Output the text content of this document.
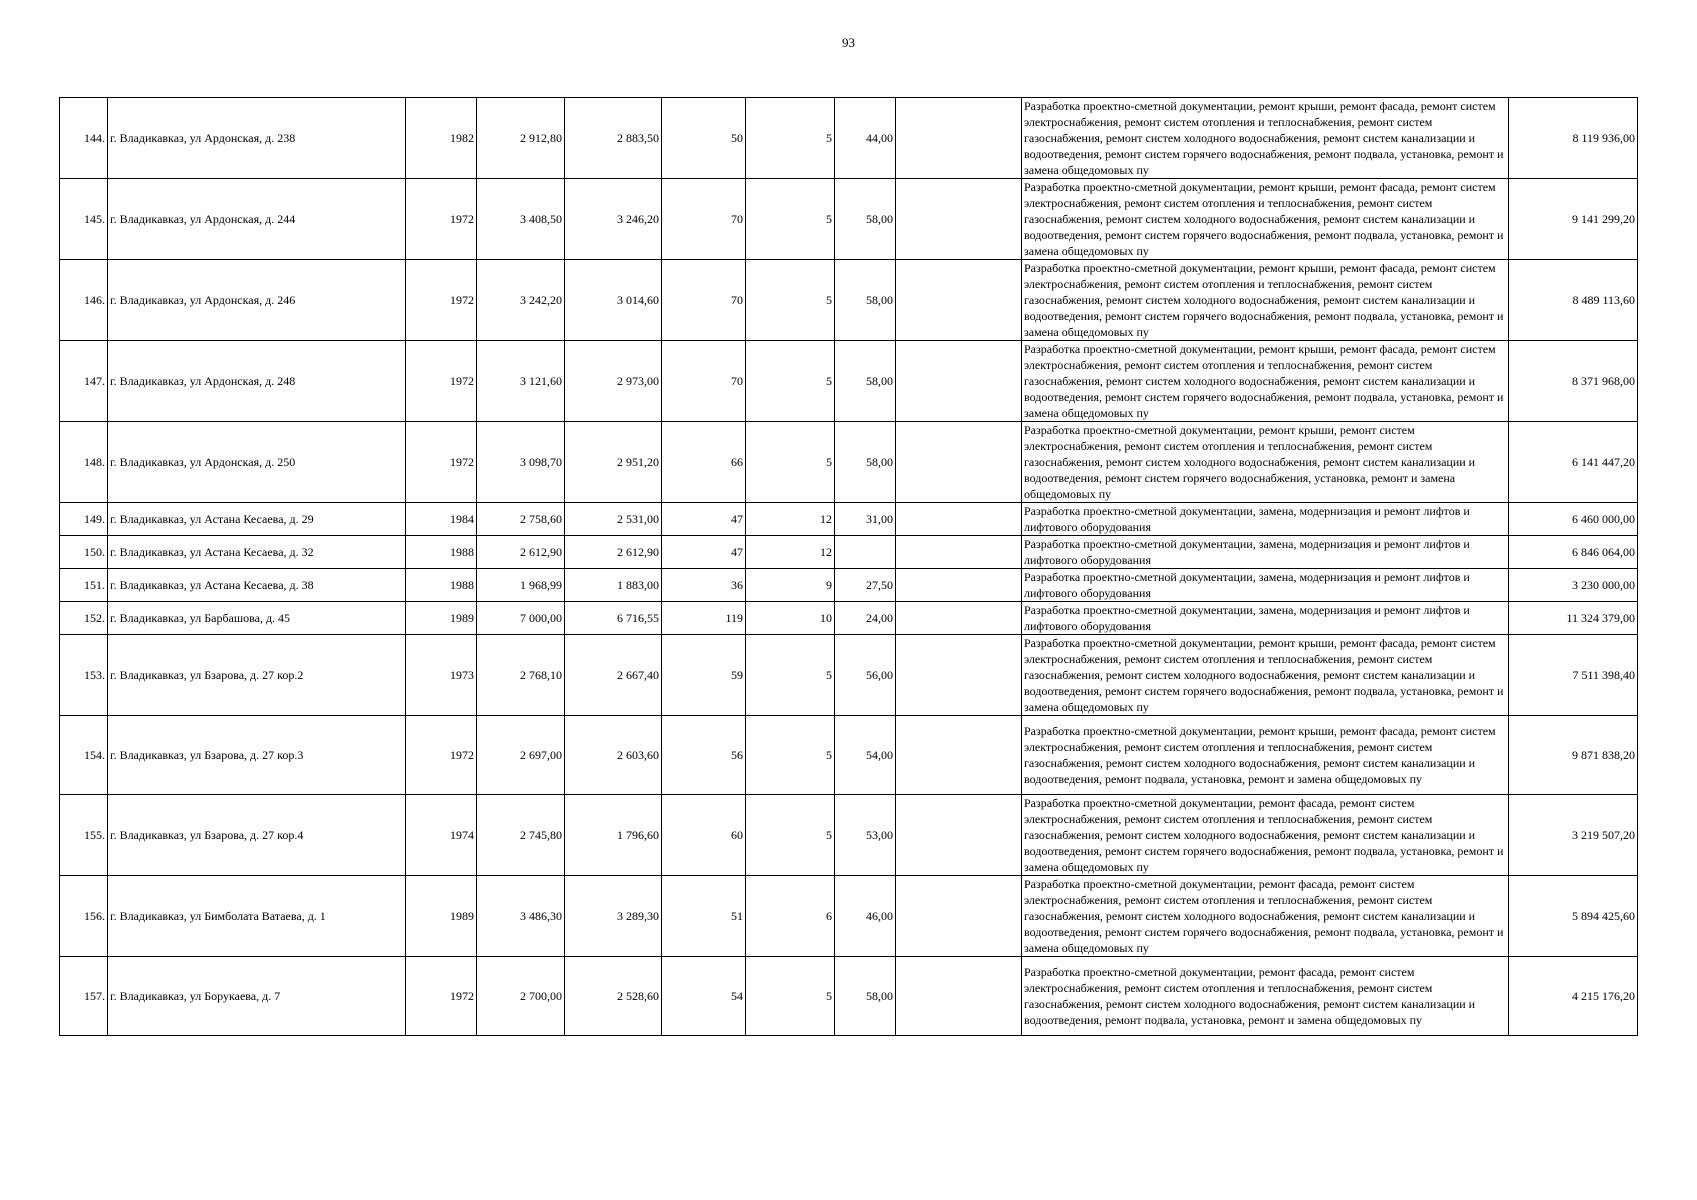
93
144.	г. Владикавказ, ул Ардонская, д. 238	1982	2 912,80	2 883,50	50	5	44,00		Разработка проектно-сметной документации, ремонт крыши, ремонт фасада, ремонт систем электроснабжения, ремонт систем отопления и теплоснабжения, ремонт систем газоснабжения, ремонт систем холодного водоснабжения, ремонт систем канализации и водоотведения, ремонт систем горячего водоснабжения, ремонт подвала, установка, ремонт и замена общедомовых пу	8 119 936,00
145.	г. Владикавказ, ул Ардонская, д. 244	1972	3 408,50	3 246,20	70	5	58,00		Разработка проектно-сметной документации, ремонт крыши, ремонт фасада, ремонт систем электроснабжения, ремонт систем отопления и теплоснабжения, ремонт систем газоснабжения, ремонт систем холодного водоснабжения, ремонт систем канализации и водоотведения, ремонт систем горячего водоснабжения, ремонт подвала, установка, ремонт и замена общедомовых пу	9 141 299,20
146.	г. Владикавказ, ул Ардонская, д. 246	1972	3 242,20	3 014,60	70	5	58,00		Разработка проектно-сметной документации, ремонт крыши, ремонт фасада, ремонт систем электроснабжения, ремонт систем отопления и теплоснабжения, ремонт систем газоснабжения, ремонт систем холодного водоснабжения, ремонт систем канализации и водоотведения, ремонт систем горячего водоснабжения, ремонт подвала, установка, ремонт и замена общедомовых пу	8 489 113,60
147.	г. Владикавказ, ул Ардонская, д. 248	1972	3 121,60	2 973,00	70	5	58,00		Разработка проектно-сметной документации, ремонт крыши, ремонт фасада, ремонт систем электроснабжения, ремонт систем отопления и теплоснабжения, ремонт систем газоснабжения, ремонт систем холодного водоснабжения, ремонт систем канализации и водоотведения, ремонт систем горячего водоснабжения, ремонт подвала, установка, ремонт и замена общедомовых пу	8 371 968,00
148.	г. Владикавказ, ул Ардонская, д. 250	1972	3 098,70	2 951,20	66	5	58,00		Разработка проектно-сметной документации, ремонт крыши, ремонт систем электроснабжения, ремонт систем отопления и теплоснабжения, ремонт систем газоснабжения, ремонт систем холодного водоснабжения, ремонт систем канализации и водоотведения, ремонт систем горячего водоснабжения, установка, ремонт и замена общедомовых пу	6 141 447,20
149.	г. Владикавказ, ул Астана Кесаева, д. 29	1984	2 758,60	2 531,00	47	12	31,00		Разработка проектно-сметной документации, замена, модернизация и ремонт лифтов и лифтового оборудования	6 460 000,00
150.	г. Владикавказ, ул Астана Кесаева, д. 32	1988	2 612,90	2 612,90	47	12			Разработка проектно-сметной документации, замена, модернизация и ремонт лифтов и лифтового оборудования	6 846 064,00
151.	г. Владикавказ, ул Астана Кесаева, д. 38	1988	1 968,99	1 883,00	36	9	27,50		Разработка проектно-сметной документации, замена, модернизация и ремонт лифтов и лифтового оборудования	3 230 000,00
152.	г. Владикавказ, ул Барбашова, д. 45	1989	7 000,00	6 716,55	119	10	24,00		Разработка проектно-сметной документации, замена, модернизация и ремонт лифтов и лифтового оборудования	11 324 379,00
153.	г. Владикавказ, ул Бзарова, д. 27 кор.2	1973	2 768,10	2 667,40	59	5	56,00		Разработка проектно-сметной документации, ремонт крыши, ремонт фасада, ремонт систем электроснабжения, ремонт систем отопления и теплоснабжения, ремонт систем газоснабжения, ремонт систем холодного водоснабжения, ремонт систем канализации и водоотведения, ремонт систем горячего водоснабжения, ремонт подвала, установка, ремонт и замена общедомовых пу	7 511 398,40
154.	г. Владикавказ, ул Бзарова, д. 27 кор.3	1972	2 697,00	2 603,60	56	5	54,00		Разработка проектно-сметной документации, ремонт крыши, ремонт фасада, ремонт систем электроснабжения, ремонт систем отопления и теплоснабжения, ремонт систем газоснабжения, ремонт систем холодного водоснабжения, ремонт систем канализации и водоотведения, ремонт подвала, установка, ремонт и замена общедомовых пу	9 871 838,20
155.	г. Владикавказ, ул Бзарова, д. 27 кор.4	1974	2 745,80	1 796,60	60	5	53,00		Разработка проектно-сметной документации, ремонт фасада, ремонт систем электроснабжения, ремонт систем отопления и теплоснабжения, ремонт систем газоснабжения, ремонт систем холодного водоснабжения, ремонт систем канализации и водоотведения, ремонт систем горячего водоснабжения, ремонт подвала, установка, ремонт и замена общедомовых пу	3 219 507,20
156.	г. Владикавказ, ул Бимболата Ватаева, д. 1	1989	3 486,30	3 289,30	51	6	46,00		Разработка проектно-сметной документации, ремонт фасада, ремонт систем электроснабжения, ремонт систем отопления и теплоснабжения, ремонт систем газоснабжения, ремонт систем холодного водоснабжения, ремонт систем канализации и водоотведения, ремонт систем горячего водоснабжения, ремонт подвала, установка, ремонт и замена общедомовых пу	5 894 425,60
157.	г. Владикавказ, ул Борукаева, д. 7	1972	2 700,00	2 528,60	54	5	58,00		Разработка проектно-сметной документации, ремонт фасада, ремонт систем электроснабжения, ремонт систем отопления и теплоснабжения, ремонт систем газоснабжения, ремонт систем холодного водоснабжения, ремонт систем канализации и водоотведения, ремонт подвала, установка, ремонт и замена общедомовых пу	4 215 176,20
